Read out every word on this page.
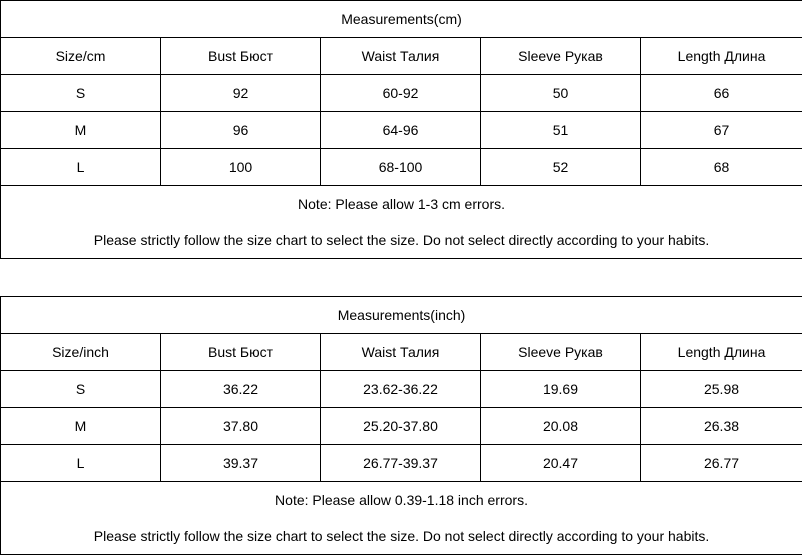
Measurements(cm)				
Size/cm	Bust Бюст	Waist Талия	Sleeve Рукав	Length Длина
S	92	60-92	50	66
M	96	64-96	51	67
L	100	68-100	52	68
Note: Please allow 1-3 cm errors.				
Please strictly follow the size chart to select the size. Do not select directly according to your habits.				
Measurements(inch)				
Size/inch	Bust Бюст	Waist Талия	Sleeve Рукав	Length Длина
S	36.22	23.62-36.22	19.69	25.98
M	37.80	25.20-37.80	20.08	26.38
L	39.37	26.77-39.37	20.47	26.77
Note: Please allow 0.39-1.18 inch errors.				
Please strictly follow the size chart to select the size. Do not select directly according to your habits.				
